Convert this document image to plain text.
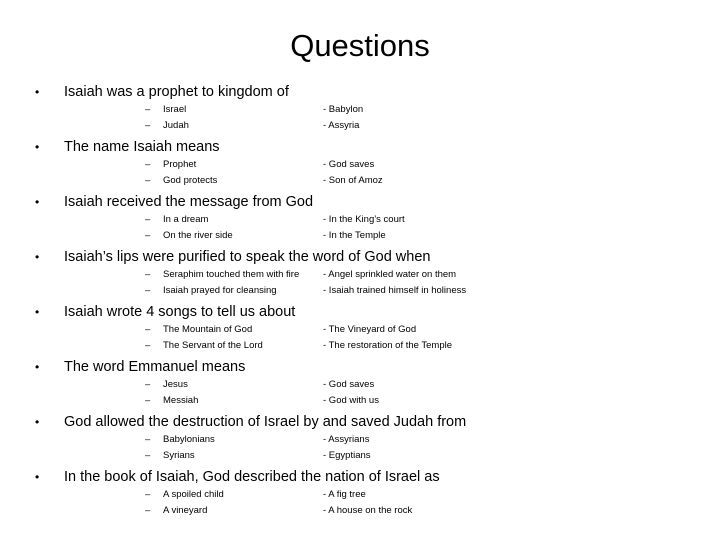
Questions
• Isaiah was a prophet to kingdom of
– Israel
– Judah
- Babylon
- Assyria
• The name Isaiah means
– Prophet
– God protects
- God saves
- Son of Amoz
• Isaiah received the message from God
– In a dream
– On the river side
- In the King’s court
- In the Temple
• Isaiah’s lips were purified to speak the word of God when
– Seraphim touched them with fire
– Isaiah prayed for cleansing
- Angel sprinkled water on them
- Isaiah trained himself in holiness
• Isaiah wrote 4 songs to tell us about
– The Mountain of God
– The Servant of the Lord
- The Vineyard of God
- The restoration of the Temple
• The word Emmanuel means
– Jesus
– Messiah
- God saves
- God with us
• God allowed the destruction of Israel by and saved Judah from
– Babylonians
– Syrians
- Assyrians
- Egyptians
• In the book of Isaiah, God described the nation of Israel as
– A spoiled child
– A vineyard
- A fig tree
- A house on the rock
